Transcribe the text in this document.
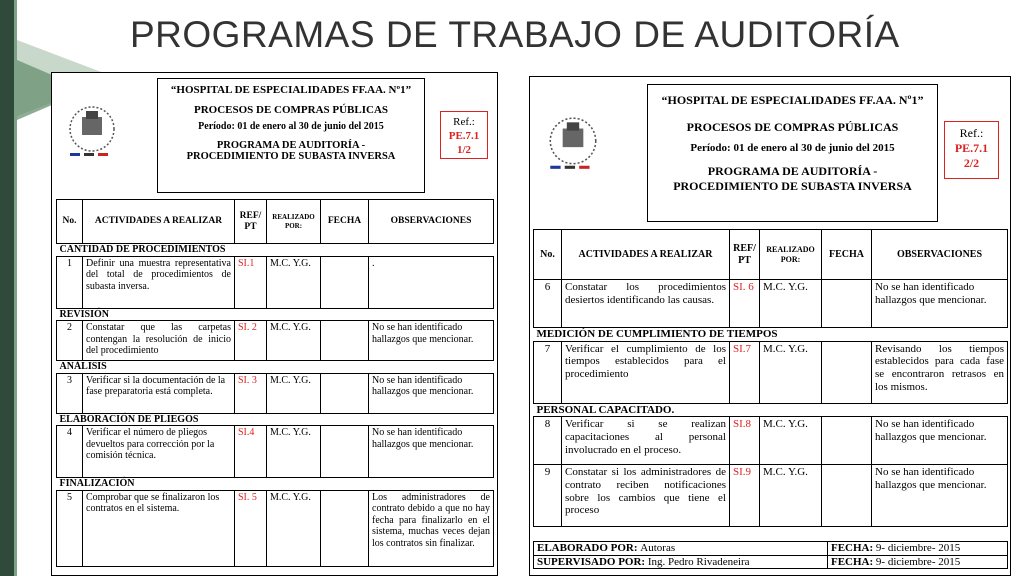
PROGRAMAS DE TRABAJO DE AUDITORÍA
“HOSPITAL DE ESPECIALIDADES FF.AA. Nº1”
PROCESOS DE COMPRAS PÚBLICAS
Período: 01 de enero al 30 de junio del 2015
PROGRAMA DE AUDITORÍA -
PROCEDIMIENTO DE SUBASTA INVERSA
Ref.:
PE.7.1
1/2
No.	ACTIVIDADES A REALIZAR	REF/ PT	REALIZADO POR:	FECHA	OBSERVACIONES
CANTIDAD DE PROCEDIMIENTOS					
1	Definir una muestra representativa del total de procedimientos de subasta inversa.	SI.1	M.C. Y.G.		.
REVISIÓN					
2	Constatar que las carpetas contengan la resolución de inicio del procedimiento	SI. 2	M.C. Y.G.		No se han identificado hallazgos que mencionar.
ANÁLISIS					
3	Verificar si la documentación de la fase preparatoria está completa.	SI. 3	M.C. Y.G.		No se han identificado hallazgos que mencionar.
ELABORACIÓN DE PLIEGOS					
4	Verificar el número de pliegos devueltos para corrección por la comisión técnica.	SI.4	M.C. Y.G.		No se han identificado hallazgos que mencionar.
FINALIZACIÓN					
5	Comprobar que se finalizaron los contratos en el sistema.	SI. 5	M.C. Y.G.		Los administradores de contrato debido a que no hay fecha para finalizarlo en el sistema, muchas veces dejan los contratos sin finalizar.
“HOSPITAL DE ESPECIALIDADES FF.AA. Nº1”
PROCESOS DE COMPRAS PÚBLICAS
Período: 01 de enero al 30 de junio del 2015
PROGRAMA DE AUDITORÍA -
PROCEDIMIENTO DE SUBASTA INVERSA
Ref.:
PE.7.1
2/2
No.	ACTIVIDADES A REALIZAR	REF/ PT	REALIZADO POR:	FECHA	OBSERVACIONES
6	Constatar los procedimientos desiertos identificando las causas.	SI. 6	M.C. Y.G.		No se han identificado hallazgos que mencionar.
MEDICIÓN DE CUMPLIMIENTO DE TIEMPOS					
7	Verificar el cumplimiento de los tiempos establecidos para el procedimiento	SI.7	M.C. Y.G.		Revisando los tiempos establecidos para cada fase se encontraron retrasos en los mismos.
PERSONAL CAPACITADO.					
8	Verificar si se realizan capacitaciones al personal involucrado en el proceso.	SI.8	M.C. Y.G.		No se han identificado hallazgos que mencionar.
9	Constatar si los administradores de contrato reciben notificaciones sobre los cambios que tiene el proceso	SI.9	M.C. Y.G.		No se han identificado hallazgos que mencionar.
ELABORADO POR: Autoras	FECHA: 9- diciembre- 2015
SUPERVISADO POR: Ing. Pedro Rivadeneira	FECHA: 9- diciembre- 2015
